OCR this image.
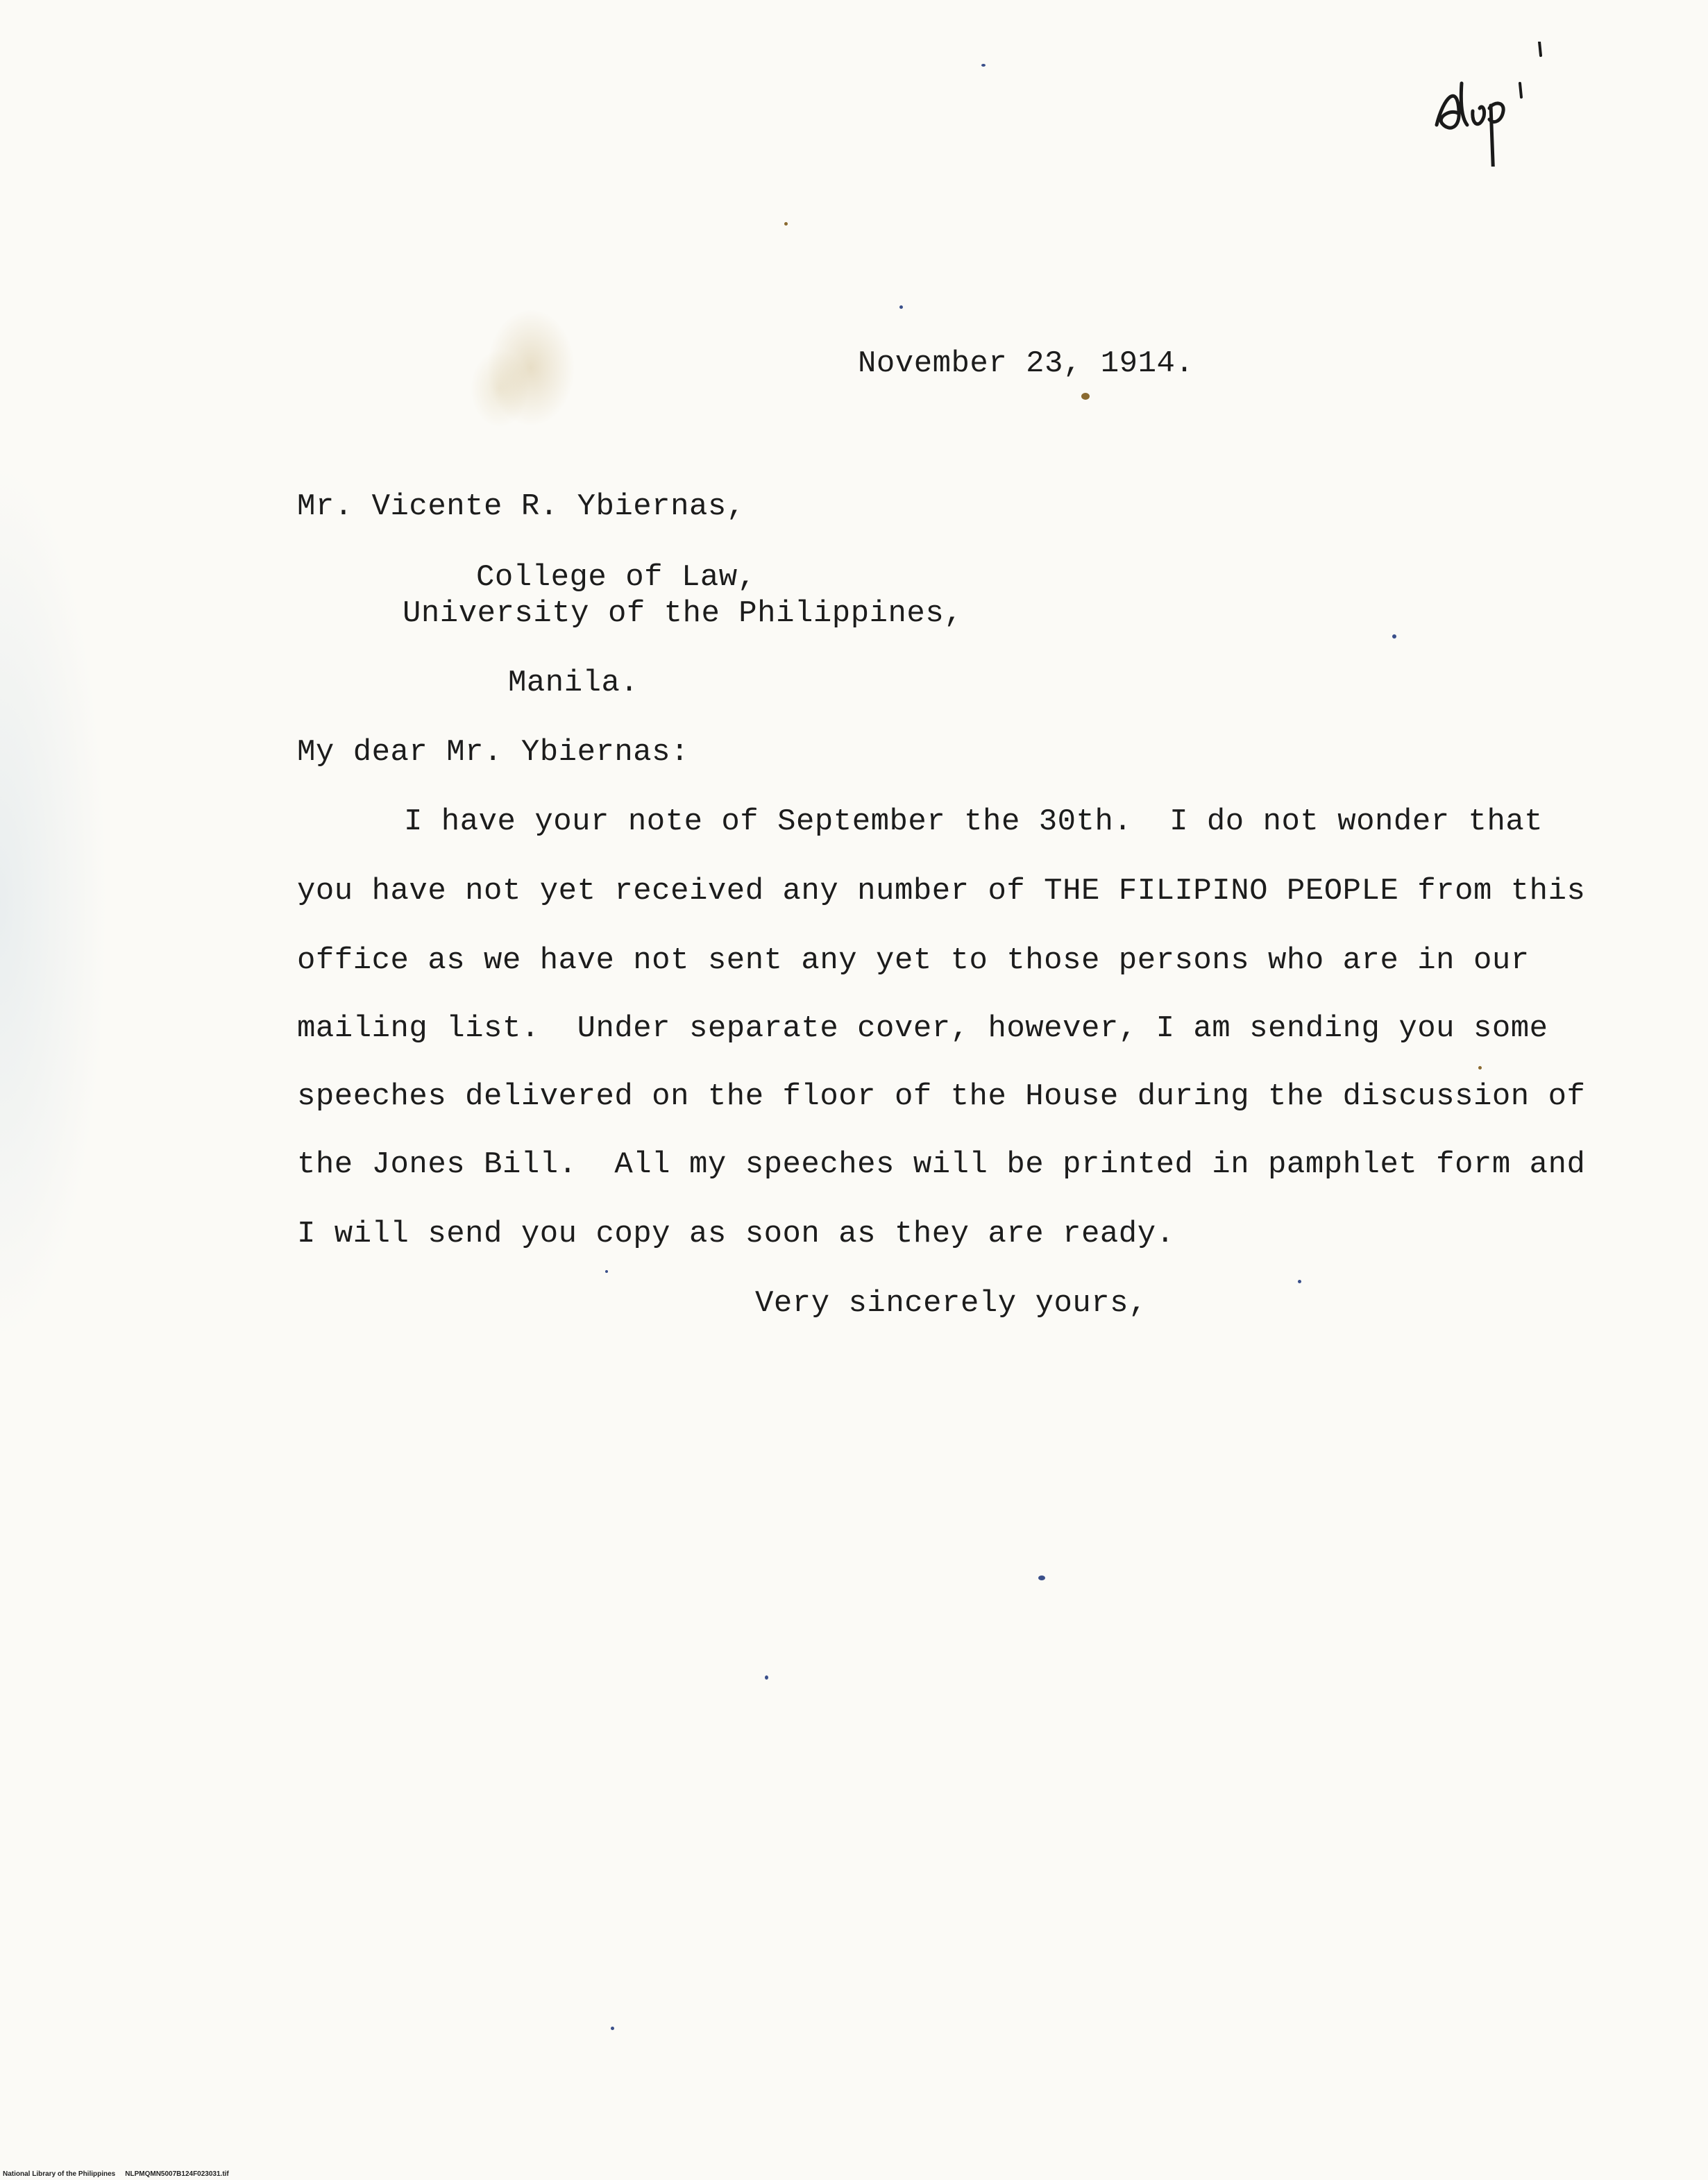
November 23, 1914.
Mr. Vicente R. Ybiernas,
College of Law,
University of the Philippines,
Manila.
My dear Mr. Ybiernas:
I have your note of September the 30th.  I do not wonder that
you have not yet received any number of THE FILIPINO PEOPLE from this
office as we have not sent any yet to those persons who are in our
mailing list.  Under separate cover, however, I am sending you some
speeches delivered on the floor of the House during the discussion of
the Jones Bill.  All my speeches will be printed in pamphlet form and
I will send you copy as soon as they are ready.
Very sincerely yours,
National Library of the Philippines NLPMQMN5007B124F023031.tif
